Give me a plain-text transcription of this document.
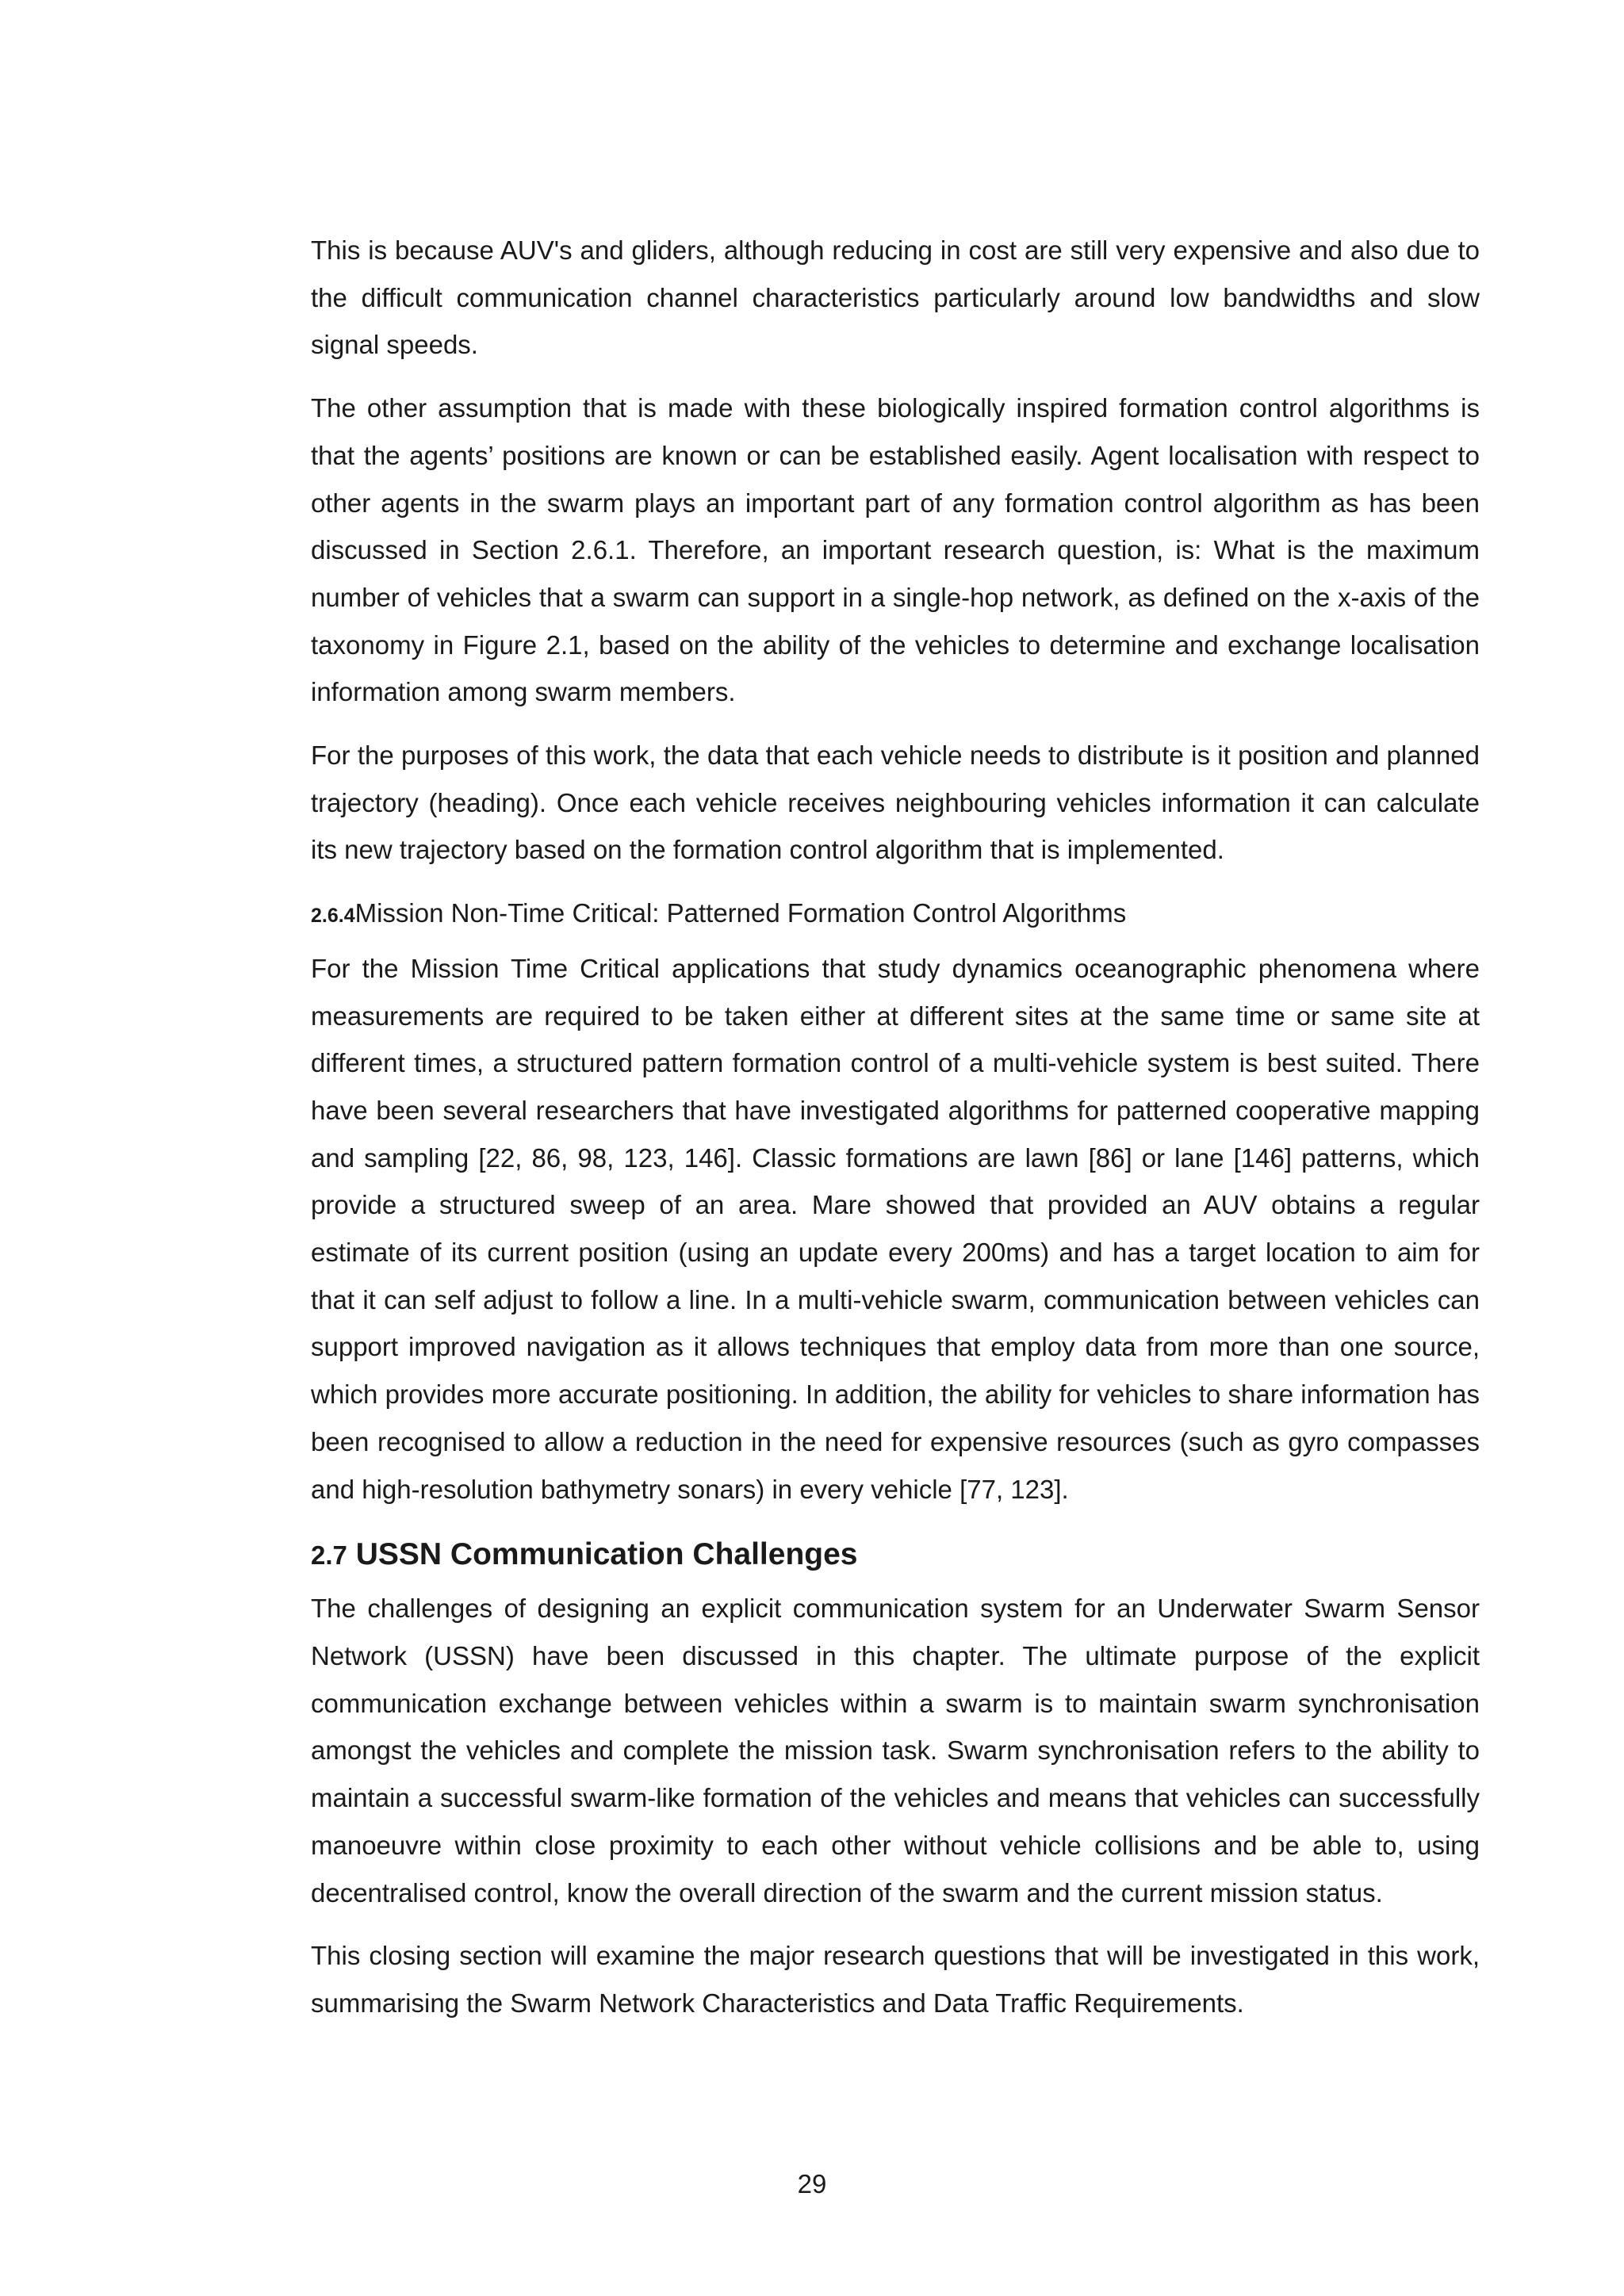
This is because AUV's and gliders, although reducing in cost are still very expensive and also due to the difficult communication channel characteristics particularly around low bandwidths and slow signal speeds.

The other assumption that is made with these biologically inspired formation control algorithms is that the agents’ positions are known or can be established easily. Agent localisation with respect to other agents in the swarm plays an important part of any formation control algorithm as has been discussed in Section 2.6.1. Therefore, an important research question, is: What is the maximum number of vehicles that a swarm can support in a single-hop network, as defined on the x-axis of the taxonomy in Figure 2.1, based on the ability of the vehicles to determine and exchange localisation information among swarm members.

For the purposes of this work, the data that each vehicle needs to distribute is it position and planned trajectory (heading). Once each vehicle receives neighbouring vehicles information it can calculate its new trajectory based on the formation control algorithm that is implemented.

2.6.4Mission Non-Time Critical: Patterned Formation Control Algorithms

For the Mission Time Critical applications that study dynamics oceanographic phenomena where measurements are required to be taken either at different sites at the same time or same site at different times, a structured pattern formation control of a multi-vehicle system is best suited. There have been several researchers that have investigated algorithms for patterned cooperative mapping and sampling [22, 86, 98, 123, 146]. Classic formations are lawn [86] or lane [146] patterns, which provide a structured sweep of an area. Mare showed that provided an AUV obtains a regular estimate of its current position (using an update every 200ms) and has a target location to aim for that it can self adjust to follow a line. In a multi-vehicle swarm, communication between vehicles can support improved navigation as it allows techniques that employ data from more than one source, which provides more accurate positioning. In addition, the ability for vehicles to share information has been recognised to allow a reduction in the need for expensive resources (such as gyro compasses and high-resolution bathymetry sonars) in every vehicle [77, 123].

2.7 USSN Communication Challenges

The challenges of designing an explicit communication system for an Underwater Swarm Sensor Network (USSN) have been discussed in this chapter. The ultimate purpose of the explicit communication exchange between vehicles within a swarm is to maintain swarm synchronisation amongst the vehicles and complete the mission task. Swarm synchronisation refers to the ability to maintain a successful swarm-like formation of the vehicles and means that vehicles can successfully manoeuvre within close proximity to each other without vehicle collisions and be able to, using decentralised control, know the overall direction of the swarm and the current mission status.

This closing section will examine the major research questions that will be investigated in this work, summarising the Swarm Network Characteristics and Data Traffic Requirements.

29
